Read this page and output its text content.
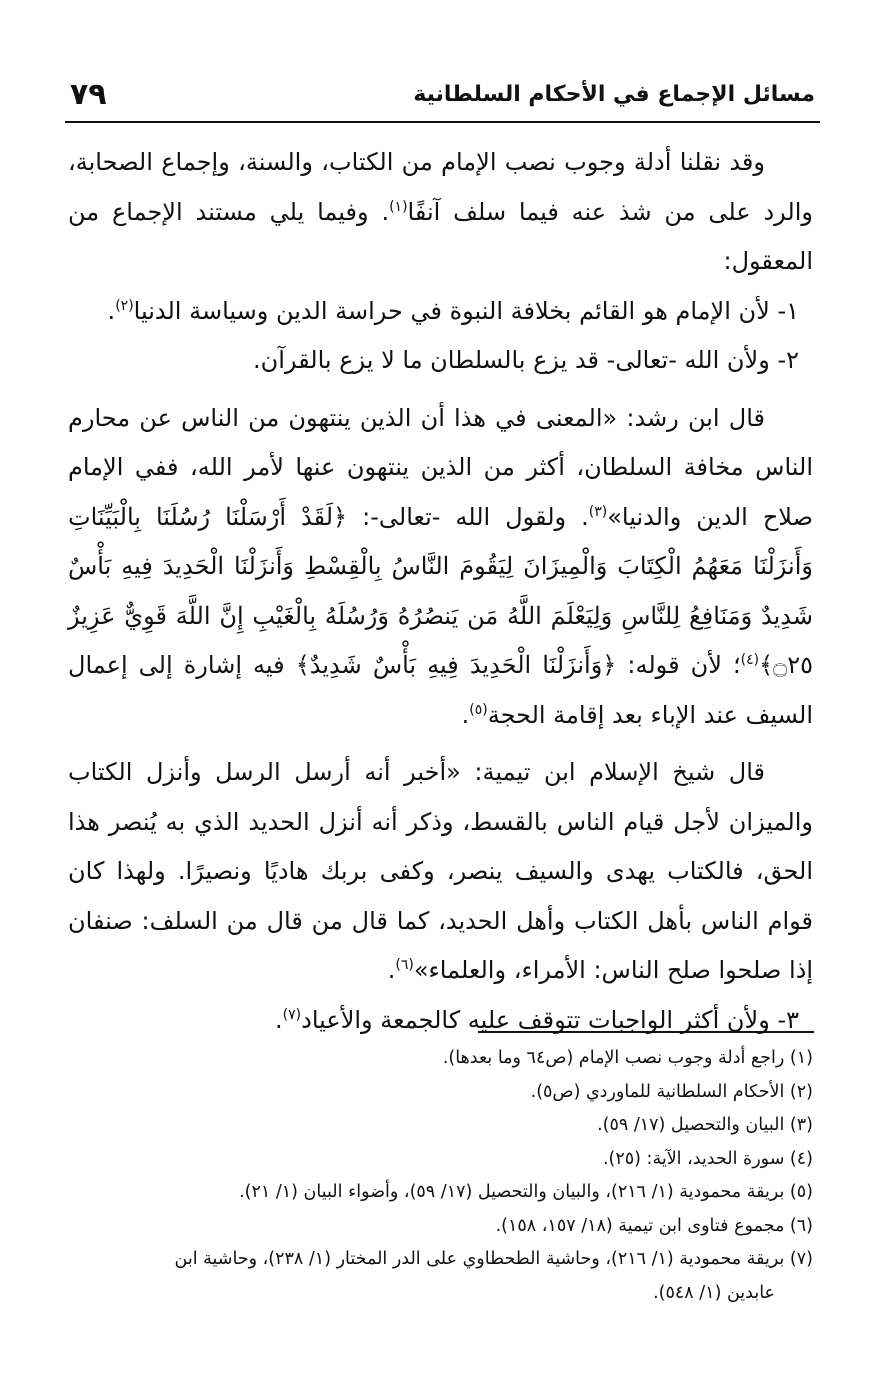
مسائل الإجماع في الأحكام السلطانية
٧٩

وقد نقلنا أدلة وجوب نصب الإمام من الكتاب، والسنة، وإجماع الصحابة، والرد على من شذ عنه فيما سلف آنفًا$^{(١)}$. وفيما يلي مستند الإجماع من المعقول:

١- لأن الإمام هو القائم بخلافة النبوة في حراسة الدين وسياسة الدنيا$^{(٢)}$.

٢- ولأن الله -تعالى- قد يزع بالسلطان ما لا يزع بالقرآن.

قال ابن رشد: «المعنى في هذا أن الذين ينتهون من الناس عن محارم الناس مخافة السلطان، أكثر من الذين ينتهون عنها لأمر الله، ففي الإمام صلاح الدين والدنيا»$^{(٣)}$. ولقول الله -تعالى-: ﴿لَقَدْ أَرْسَلْنَا رُسُلَنَا بِالْبَيِّنَاتِ وَأَنزَلْنَا مَعَهُمُ الْكِتَابَ وَالْمِيزَانَ لِيَقُومَ النَّاسُ بِالْقِسْطِ وَأَنزَلْنَا الْحَدِيدَ فِيهِ بَأْسٌ شَدِيدٌ وَمَنَافِعُ لِلنَّاسِ وَلِيَعْلَمَ اللَّهُ مَن يَنصُرُهُ وَرُسُلَهُ بِالْغَيْبِ إِنَّ اللَّهَ قَوِيٌّ عَزِيزٌ ۝٢٥﴾$^{(٤)}$؛ لأن قوله: ﴿وَأَنزَلْنَا الْحَدِيدَ فِيهِ بَأْسٌ شَدِيدٌ﴾ فيه إشارة إلى إعمال السيف عند الإباء بعد إقامة الحجة$^{(٥)}$.

قال شيخ الإسلام ابن تيمية: «أخبر أنه أرسل الرسل وأنزل الكتاب والميزان لأجل قيام الناس بالقسط، وذكر أنه أنزل الحديد الذي به يُنصر هذا الحق، فالكتاب يهدى والسيف ينصر، وكفى بربك هاديًا ونصيرًا. ولهذا كان قوام الناس بأهل الكتاب وأهل الحديد، كما قال من قال من السلف: صنفان إذا صلحوا صلح الناس: الأمراء، والعلماء»$^{(٦)}$.

٣- ولأن أكثر الواجبات تتوقف عليه كالجمعة والأعياد$^{(٧)}$.

(١) راجع أدلة وجوب نصب الإمام (ص٦٤ وما بعدها).

(٢) الأحكام السلطانية للماوردي (ص٥).

(٣) البيان والتحصيل (١٧/ ٥٩).

(٤) سورة الحديد، الآية: (٢٥).

(٥) بريقة محمودية (١/ ٢١٦)، والبيان والتحصيل (١٧/ ٥٩)، وأضواء البيان (١/ ٢١).

(٦) مجموع فتاوى ابن تيمية (١٨/ ١٥٧، ١٥٨).

(٧) بريقة محمودية (١/ ٢١٦)، وحاشية الطحطاوي على الدر المختار (١/ ٢٣٨)، وحاشية ابن

عابدين (١/ ٥٤٨).
